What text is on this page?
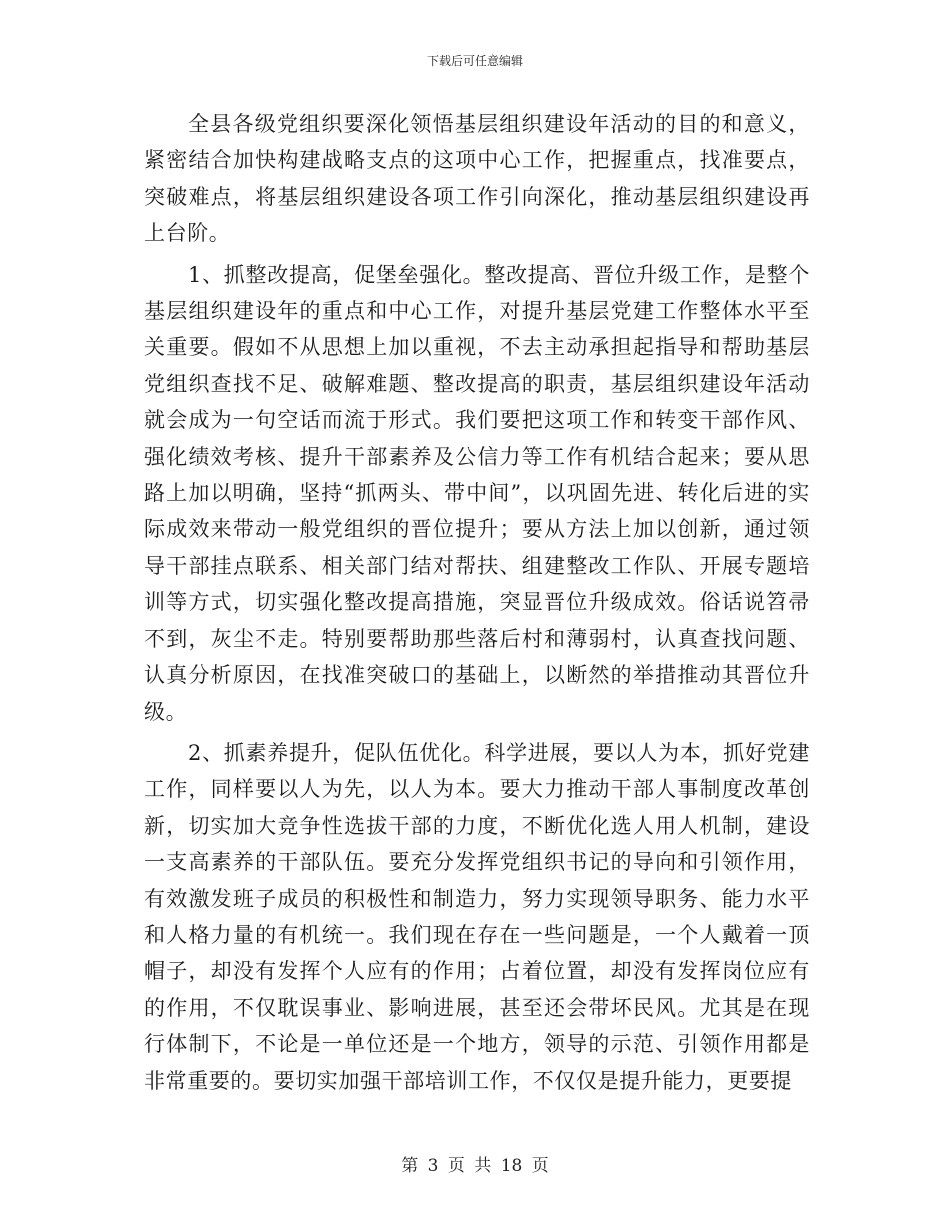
下载后可任意编辑

全县各级党组织要深化领悟基层组织建设年活动的目的和意义，紧密结合加快构建战略支点的这项中心工作，把握重点，找准要点，突破难点，将基层组织建设各项工作引向深化，推动基层组织建设再上台阶。

1、抓整改提高，促堡垒强化。整改提高、晋位升级工作，是整个基层组织建设年的重点和中心工作，对提升基层党建工作整体水平至关重要。假如不从思想上加以重视，不去主动承担起指导和帮助基层党组织查找不足、破解难题、整改提高的职责，基层组织建设年活动就会成为一句空话而流于形式。我们要把这项工作和转变干部作风、强化绩效考核、提升干部素养及公信力等工作有机结合起来；要从思路上加以明确，坚持“抓两头、带中间”，以巩固先进、转化后进的实际成效来带动一般党组织的晋位提升；要从方法上加以创新，通过领导干部挂点联系、相关部门结对帮扶、组建整改工作队、开展专题培训等方式，切实强化整改提高措施，突显晋位升级成效。俗话说笤帚不到，灰尘不走。特别要帮助那些落后村和薄弱村，认真查找问题、认真分析原因，在找准突破口的基础上，以断然的举措推动其晋位升级。

2、抓素养提升，促队伍优化。科学进展，要以人为本，抓好党建工作，同样要以人为先，以人为本。要大力推动干部人事制度改革创新，切实加大竞争性选拔干部的力度，不断优化选人用人机制，建设一支高素养的干部队伍。要充分发挥党组织书记的导向和引领作用，有效激发班子成员的积极性和制造力，努力实现领导职务、能力水平和人格力量的有机统一。我们现在存在一些问题是，一个人戴着一顶帽子，却没有发挥个人应有的作用；占着位置，却没有发挥岗位应有的作用，不仅耽误事业、影响进展，甚至还会带坏民风。尤其是在现行体制下，不论是一单位还是一个地方，领导的示范、引领作用都是非常重要的。要切实加强干部培训工作，不仅仅是提升能力，更要提

第 3 页 共 18 页
